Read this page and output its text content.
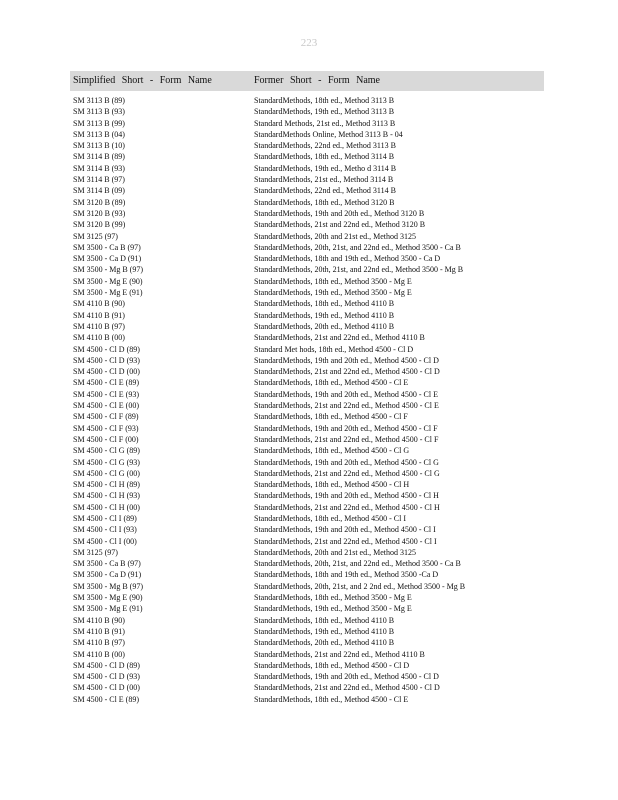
223
Simplified Short - Form Name	Former Short - Form Name
SM 3113 B (89)	StandardMethods, 18th ed., Method 3113 B
SM 3113 B (93)	StandardMethods, 19th ed., Method 3113 B
SM 3113 B (99)	Standard Methods, 21st ed., Method 3113 B
SM 3113 B (04)	StandardMethods Online, Method 3113 B - 04
SM 3113 B (10)	StandardMethods, 22nd ed., Method 3113 B
SM 3114 B (89)	StandardMethods, 18th ed., Method 3114 B
SM 3114 B (93)	StandardMethods, 19th ed., Metho d 3114 B
SM 3114 B (97)	StandardMethods, 21st ed., Method 3114 B
SM 3114 B (09)	StandardMethods, 22nd ed., Method 3114 B
SM 3120 B (89)	StandardMethods, 18th ed., Method 3120 B
SM 3120 B (93)	StandardMethods, 19th and 20th ed., Method 3120 B
SM 3120 B (99)	StandardMethods, 21st and 22nd ed., Method 3120 B
SM 3125 (97)	StandardMethods, 20th and 21st ed., Method 3125
SM 3500 - Ca B (97)	StandardMethods, 20th, 21st, and 22nd ed., Method 3500 - Ca B
SM 3500 - Ca D (91)	StandardMethods, 18th and 19th ed., Method 3500 - Ca D
SM 3500 - Mg B (97)	StandardMethods, 20th, 21st, and 22nd ed., Method 3500 - Mg B
SM 3500 - Mg E (90)	StandardMethods, 18th ed., Method 3500 - Mg E
SM 3500 - Mg E (91)	StandardMethods, 19th ed., Method 3500 - Mg E
SM 4110 B (90)	StandardMethods, 18th ed., Method 4110 B
SM 4110 B (91)	StandardMethods, 19th ed., Method 4110 B
SM 4110 B (97)	StandardMethods, 20th ed., Method 4110 B
SM 4110 B (00)	StandardMethods, 21st and 22nd ed., Method 4110 B
SM 4500 - Cl D (89)	Standard Met hods, 18th ed., Method 4500 - Cl D
SM 4500 - Cl D (93)	StandardMethods, 19th and 20th ed., Method 4500 - Cl D
SM 4500 - Cl D (00)	StandardMethods, 21st and 22nd ed., Method 4500 - Cl D
SM 4500 - Cl E (89)	StandardMethods, 18th ed., Method 4500 - Cl E
SM 4500 - Cl E (93)	StandardMethods, 19th and 20th ed., Method 4500 - Cl E
SM 4500 - Cl E (00)	StandardMethods, 21st and 22nd ed., Method 4500 - Cl E
SM 4500 - Cl F (89)	StandardMethods, 18th ed., Method 4500 - Cl F
SM 4500 - Cl F (93)	StandardMethods, 19th and 20th ed., Method 4500 - Cl F
SM 4500 - Cl F (00)	StandardMethods, 21st and 22nd ed., Method 4500 - Cl F
SM 4500 - Cl G (89)	StandardMethods, 18th ed., Method 4500 - Cl G
SM 4500 - Cl G (93)	StandardMethods, 19th and 20th ed., Method 4500 - Cl G
SM 4500 - Cl G (00)	StandardMethods, 21st and 22nd ed., Method 4500 - Cl G
SM 4500 - Cl H (89)	StandardMethods, 18th ed., Method 4500 - Cl H
SM 4500 - Cl H (93)	StandardMethods, 19th and 20th ed., Method 4500 - Cl H
SM 4500 - Cl H (00)	StandardMethods, 21st and 22nd ed., Method 4500 - Cl H
SM 4500 - Cl I (89)	StandardMethods, 18th ed., Method 4500 - Cl I
SM 4500 - Cl I (93)	StandardMethods, 19th and 20th ed., Method 4500 - Cl I
SM 4500 - Cl I (00)	StandardMethods, 21st and 22nd ed., Method 4500 - Cl I
SM 3125 (97)	StandardMethods, 20th and 21st ed., Method 3125
SM 3500 - Ca B (97)	StandardMethods, 20th, 21st, and 22nd ed., Method 3500 - Ca B
SM 3500 - Ca D (91)	StandardMethods, 18th and 19th ed., Method 3500 -Ca D
SM 3500 - Mg B (97)	StandardMethods, 20th, 21st, and 2 2nd ed., Method 3500 - Mg B
SM 3500 - Mg E (90)	StandardMethods, 18th ed., Method 3500 - Mg E
SM 3500 - Mg E (91)	StandardMethods, 19th ed., Method 3500 - Mg E
SM 4110 B (90)	StandardMethods, 18th ed., Method 4110 B
SM 4110 B (91)	StandardMethods, 19th ed., Method 4110 B
SM 4110 B (97)	StandardMethods, 20th ed., Method 4110 B
SM 4110 B (00)	StandardMethods, 21st and 22nd ed., Method 4110 B
SM 4500 - Cl D (89)	StandardMethods, 18th ed., Method 4500 - Cl D
SM 4500 - Cl D (93)	StandardMethods, 19th and 20th ed., Method 4500 - Cl D
SM 4500 - Cl D (00)	StandardMethods, 21st and 22nd ed., Method 4500 - Cl D
SM 4500 - Cl E (89)	StandardMethods, 18th ed., Method 4500 - Cl E
